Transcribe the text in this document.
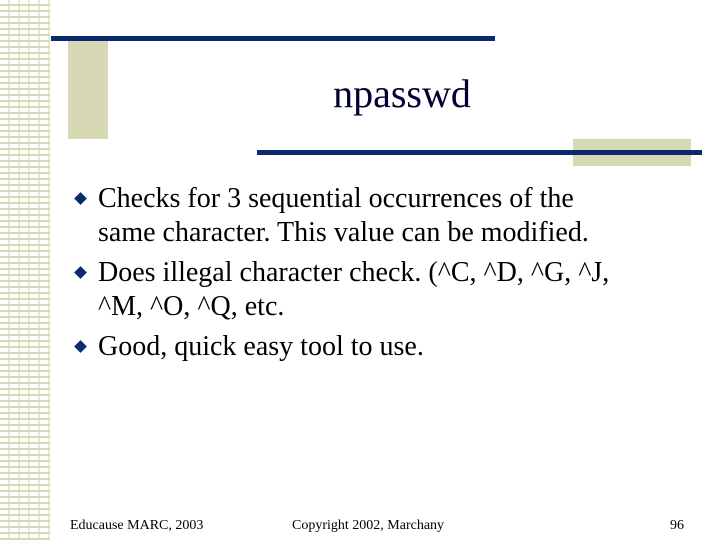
npasswd
Checks for 3 sequential occurrences of the
same character. This value can be modified.
Does illegal character check. (^C, ^D, ^G, ^J,
^M, ^O, ^Q, etc.
Good, quick easy tool to use.
Educause MARC, 2003	Copyright 2002, Marchany	96
